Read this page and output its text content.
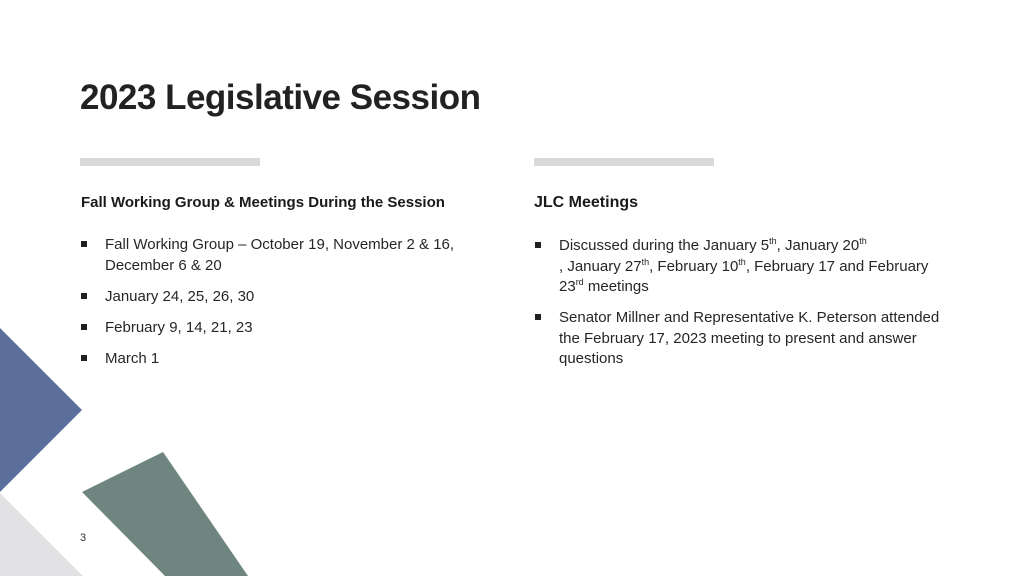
2023 Legislative Session
Fall Working Group & Meetings During the Session	JLC Meetings
Fall Working Group – October 19, November 2 & 16, December 6 & 20
January 24, 25, 26, 30
February 9, 14, 21, 23
March 1
Discussed during the January 5th, January 20th
, January 27th, February 10th, February 17 and February 23rd meetings
Senator Millner and Representative K. Peterson attended the February 17, 2023 meeting to present and answer questions
3
